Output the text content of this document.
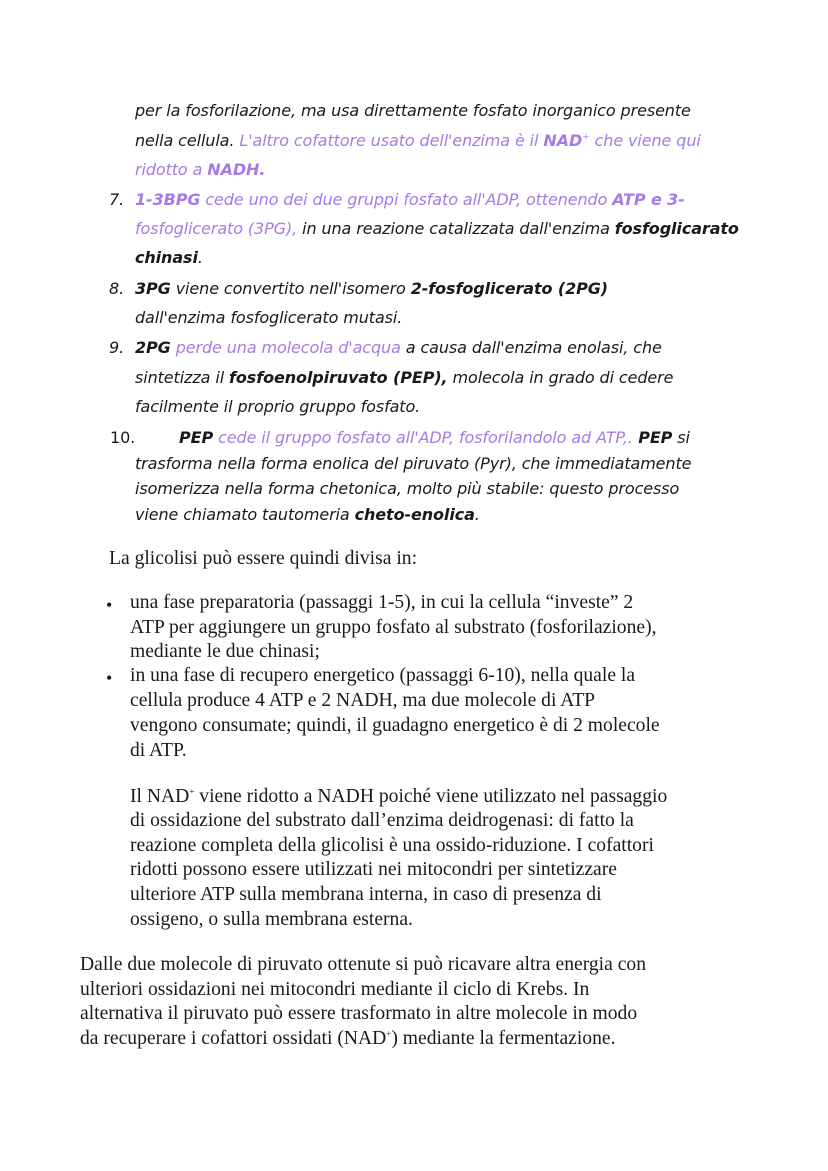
per la fosforilazione, ma usa direttamente fosfato inorganico presente
nella cellula. L'altro cofattore usato dell'enzima è il NAD+ che viene qui
ridotto a NADH.
7. 1-3BPG cede uno dei due gruppi fosfato all'ADP, ottenendo ATP e 3-
fosfoglicerato (3PG), in una reazione catalizzata dall'enzima fosfoglicarato
chinasi.
8. 3PG viene convertito nell'isomero 2-fosfoglicerato (2PG)
dall'enzima fosfoglicerato mutasi.
9. 2PG perde una molecola d'acqua a causa dall'enzima enolasi, che
sintetizza il fosfoenolpiruvato (PEP), molecola in grado di cedere
facilmente il proprio gruppo fosfato.
10.	PEP cede il gruppo fosfato all'ADP, fosforilandolo ad ATP,. PEP si
trasforma nella forma enolica del piruvato (Pyr), che immediatamente
isomerizza nella forma chetonica, molto più stabile: questo processo
viene chiamato tautomeria cheto-enolica.
La glicolisi può essere quindi divisa in:
• una fase preparatoria (passaggi 1-5), in cui la cellula “investe” 2
ATP per aggiungere un gruppo fosfato al substrato (fosforilazione),
mediante le due chinasi;
• in una fase di recupero energetico (passaggi 6-10), nella quale la
cellula produce 4 ATP e 2 NADH, ma due molecole di ATP
vengono consumate; quindi, il guadagno energetico è di 2 molecole
di ATP.
Il NAD+ viene ridotto a NADH poiché viene utilizzato nel passaggio
di ossidazione del substrato dall’enzima deidrogenasi: di fatto la
reazione completa della glicolisi è una ossido-riduzione. I cofattori
ridotti possono essere utilizzati nei mitocondri per sintetizzare
ulteriore ATP sulla membrana interna, in caso di presenza di
ossigeno, o sulla membrana esterna.
Dalle due molecole di piruvato ottenute si può ricavare altra energia con
ulteriori ossidazioni nei mitocondri mediante il ciclo di Krebs. In
alternativa il piruvato può essere trasformato in altre molecole in modo
da recuperare i cofattori ossidati (NAD+) mediante la fermentazione.
